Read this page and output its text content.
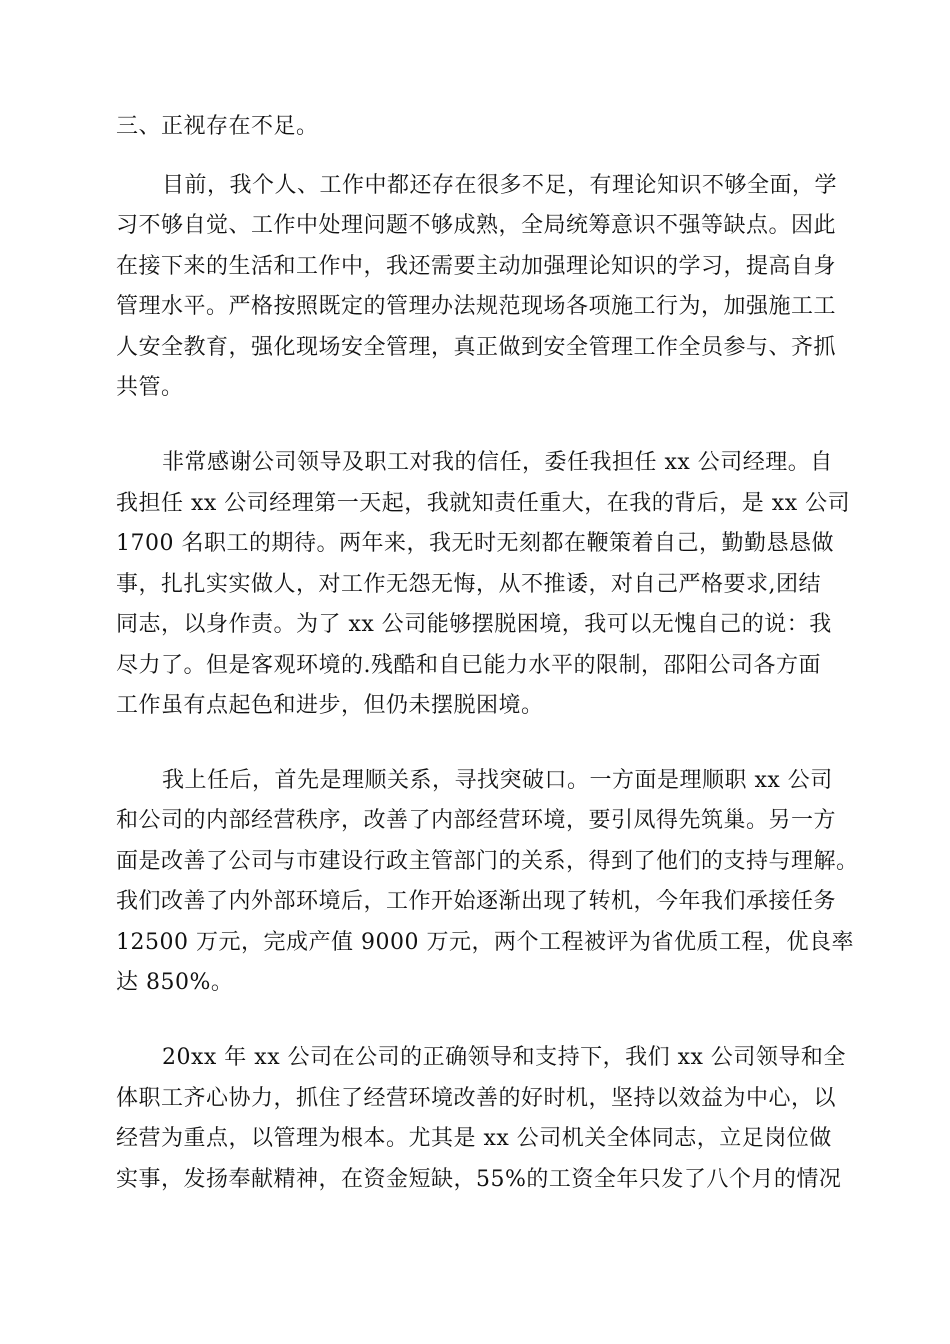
三、正视存在不足。

目前，我个人、工作中都还存在很多不足，有理论知识不够全面，学

习不够自觉、工作中处理问题不够成熟，全局统筹意识不强等缺点。因此

在接下来的生活和工作中，我还需要主动加强理论知识的学习，提高自身

管理水平。严格按照既定的管理办法规范现场各项施工行为，加强施工工

人安全教育，强化现场安全管理，真正做到安全管理工作全员参与、齐抓

共管。

非常感谢公司领导及职工对我的信任，委任我担任 xx 公司经理。自

我担任 xx 公司经理第一天起，我就知责任重大，在我的背后，是 xx 公司

1700 名职工的期待。两年来，我无时无刻都在鞭策着自己，勤勤恳恳做

事，扎扎实实做人，对工作无怨无悔，从不推诿，对自己严格要求,团结

同志，以身作责。为了 xx 公司能够摆脱困境，我可以无愧自己的说：我

尽力了。但是客观环境的.残酷和自已能力水平的限制，邵阳公司各方面

工作虽有点起色和进步，但仍未摆脱困境。

我上任后，首先是理顺关系，寻找突破口。一方面是理顺职 xx 公司

和公司的内部经营秩序，改善了内部经营环境，要引凤得先筑巢。另一方

面是改善了公司与市建设行政主管部门的关系，得到了他们的支持与理解。

我们改善了内外部环境后，工作开始逐渐出现了转机，今年我们承接任务

12500 万元，完成产值 9000 万元，两个工程被评为省优质工程，优良率

达 850%。

20xx 年 xx 公司在公司的正确领导和支持下，我们 xx 公司领导和全

体职工齐心协力，抓住了经营环境改善的好时机，坚持以效益为中心，以

经营为重点，以管理为根本。尤其是 xx 公司机关全体同志，立足岗位做

实事，发扬奉献精神，在资金短缺，55%的工资全年只发了八个月的情况
